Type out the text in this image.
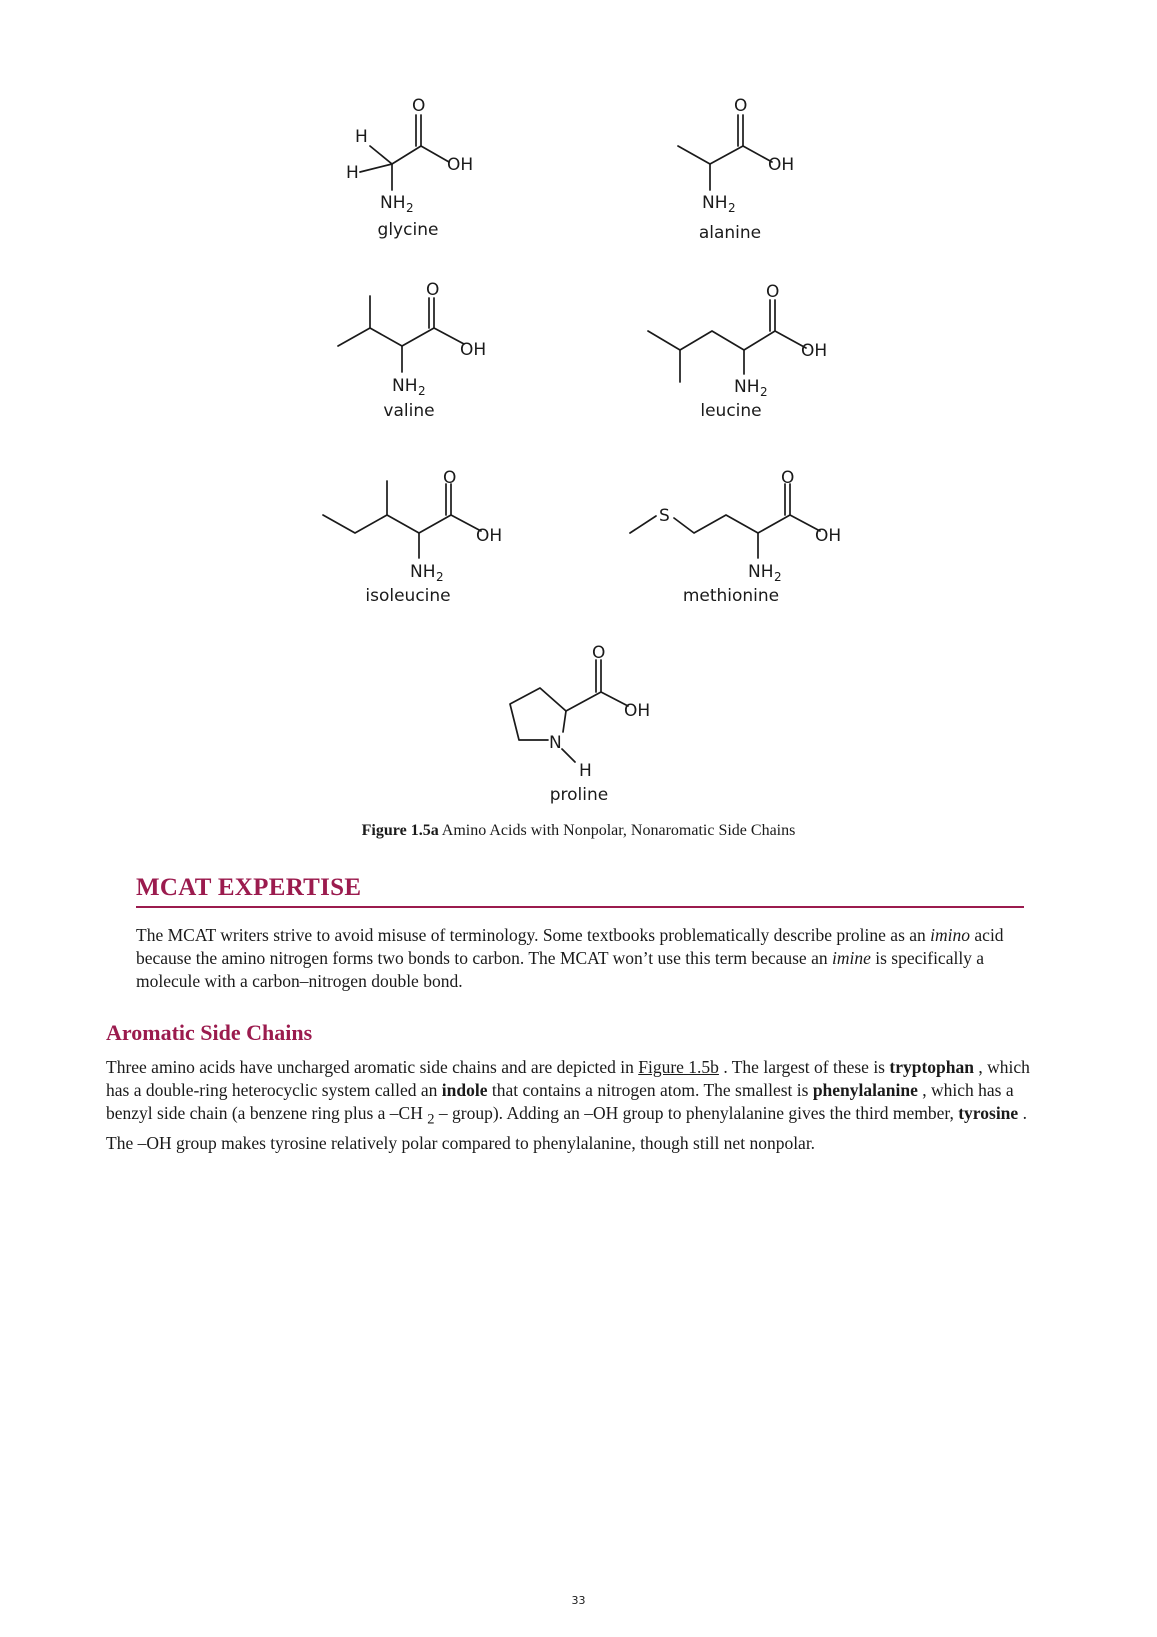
H
H
O
OH
NH 2
glycine
O
OH
NH 2
alanine
O
OH
NH 2
valine
O
OH
NH 2
leucine
O
OH
NH 2
isoleucine
S
O
OH
NH 2
methionine
O
OH
N
H
proline
Figure 1.5a Amino Acids with Nonpolar, Nonaromatic Side Chains
MCAT EXPERTISE
The MCAT writers strive to avoid misuse of terminology. Some textbooks problematically describe proline as an imino acid because the amino nitrogen forms two bonds to carbon. The MCAT won’t use this term because an imine is specifically a molecule with a carbon–nitrogen double bond.
Aromatic Side Chains
Three amino acids have uncharged aromatic side chains and are depicted in Figure 1.5b . The largest of these is tryptophan , which has a double-ring heterocyclic system called an indole that contains a nitrogen atom. The smallest is phenylalanine , which has a benzyl side chain (a benzene ring plus a –CH $_2$ – group). Adding an –OH group to phenylalanine gives the third member, tyrosine . The –OH group makes tyrosine relatively polar compared to phenylalanine, though still net nonpolar.
33
